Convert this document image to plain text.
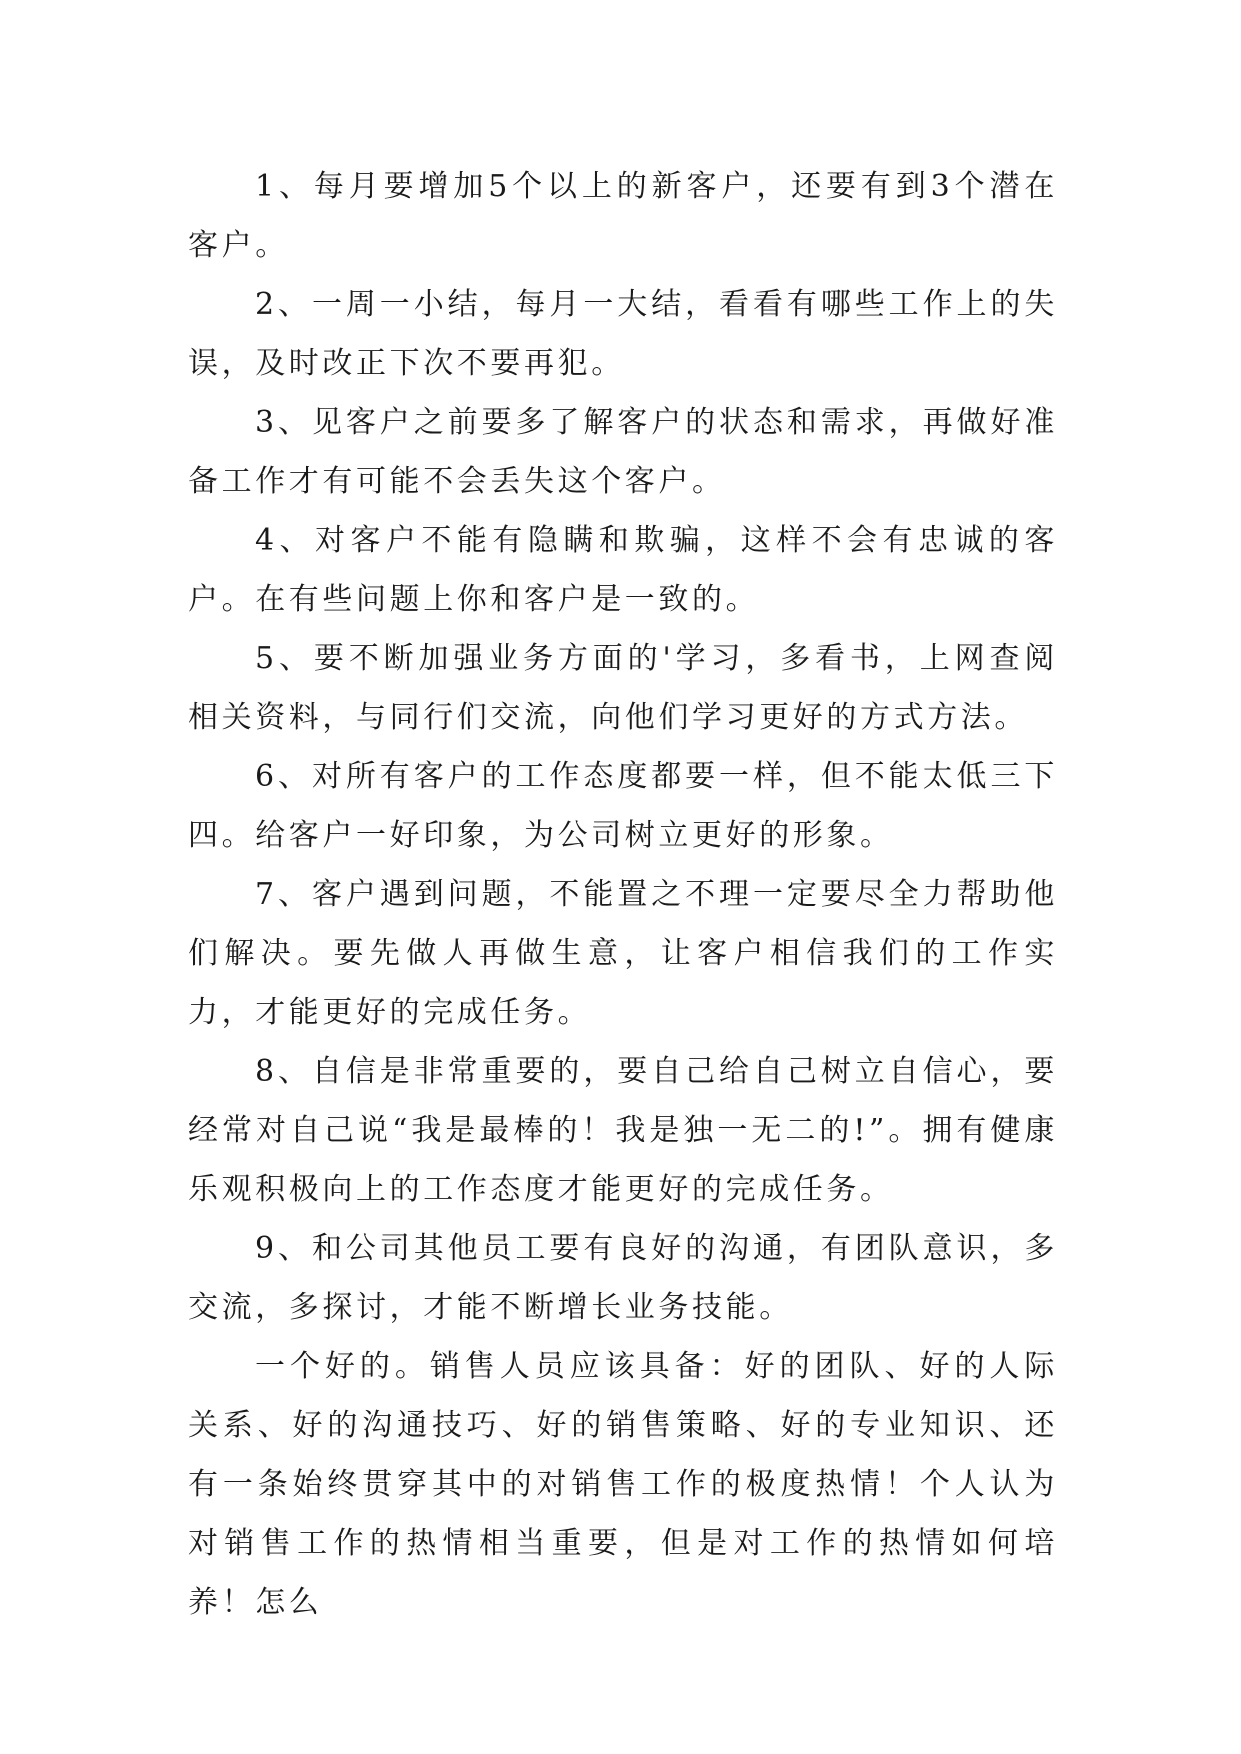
1、每月要增加5个以上的新客户，还要有到3个潜在客户。

2、一周一小结，每月一大结，看看有哪些工作上的失误，及时改正下次不要再犯。

3、见客户之前要多了解客户的状态和需求，再做好准备工作才有可能不会丢失这个客户。

4、对客户不能有隐瞒和欺骗，这样不会有忠诚的客户。在有些问题上你和客户是一致的。

5、要不断加强业务方面的'学习，多看书，上网查阅相关资料，与同行们交流，向他们学习更好的方式方法。

6、对所有客户的工作态度都要一样，但不能太低三下四。给客户一好印象，为公司树立更好的形象。

7、客户遇到问题，不能置之不理一定要尽全力帮助他们解决。要先做人再做生意，让客户相信我们的工作实力，才能更好的完成任务。

8、自信是非常重要的，要自己给自己树立自信心，要经常对自己说“我是最棒的！我是独一无二的!”。拥有健康乐观积极向上的工作态度才能更好的完成任务。

9、和公司其他员工要有良好的沟通，有团队意识，多交流，多探讨，才能不断增长业务技能。

一个好的。销售人员应该具备：好的团队、好的人际关系、好的沟通技巧、好的销售策略、好的专业知识、还有一条始终贯穿其中的对销售工作的极度热情！个人认为对销售工作的热情相当重要，但是对工作的热情如何培养！怎么
